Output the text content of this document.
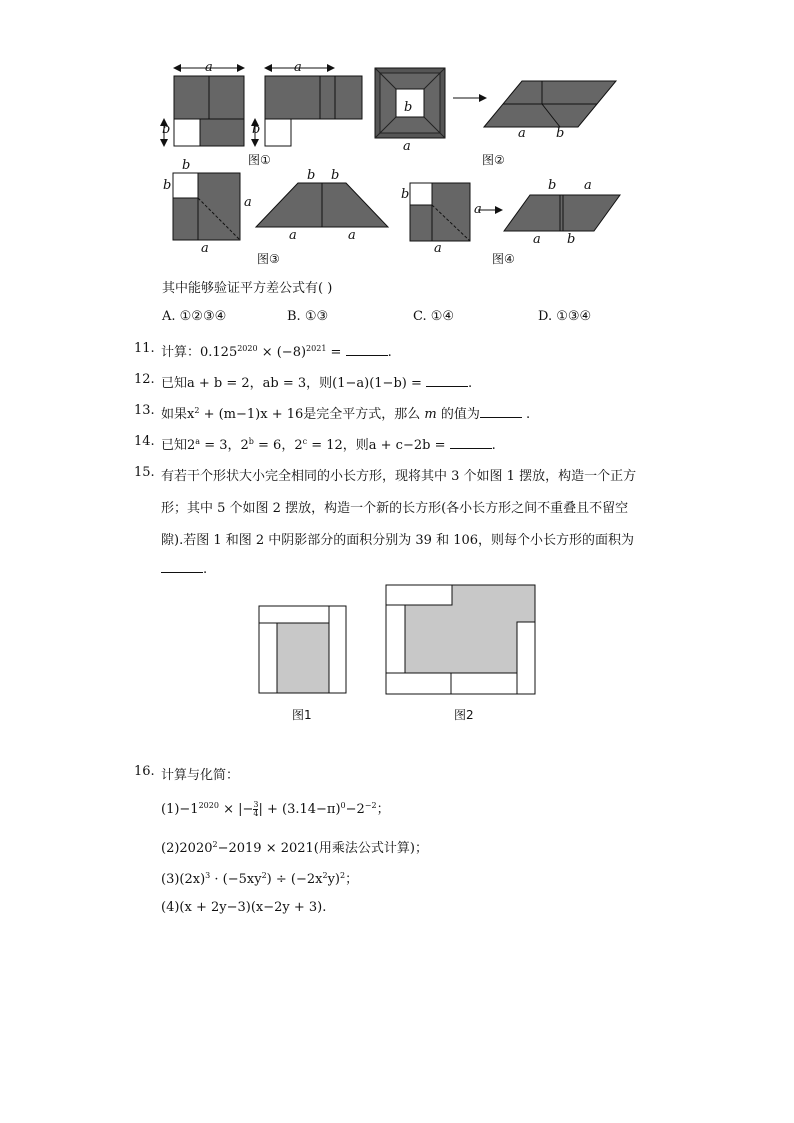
a	a
b	b
b
a
a b
b
b
a
a
b b
a	a
b
a
a
b a
a b
图①	图②
图③	图④
其中能够验证平方差公式有( )
A. ①②③④	B. ①③	C. ①④	D. ①③④
11. 计算：$0.125^{2020} \times (-8)^{2021}$ =	.
12. 已知a + b = 2，ab = 3，则(1−a)(1−b) =	.
13. 如果$x^2 + (m-1)x + 16$是完全平方式，那么 m 的值为	.
14. 已知$2^a = 3$，$2^b = 6$，$2^c = 12$，则a + c−2b =	.
15. 有若干个形状大小完全相同的小长方形，现将其中 3 个如图 1 摆放，构造一个正方
形；其中 5 个如图 2 摆放，构造一个新的长方形(各小长方形之间不重叠且不留空
隙).若图 1 和图 2 中阴影部分的面积分别为 39 和 106，则每个小长方形的面积为
.
图1	图2
16. 计算与化简：
$(1)-1^{2020}$ × |− $\frac{3}{4}$ | + $(3.14-\pi)^0-2^{-2}$；
$(2)2020^2-2019 \times 2021$(用乘法公式计算)；
$(3)(2x)^3 \cdot (-5xy^2) \div (-2x^2y)^2$；
(4)(x + 2y−3)(x−2y + 3).
